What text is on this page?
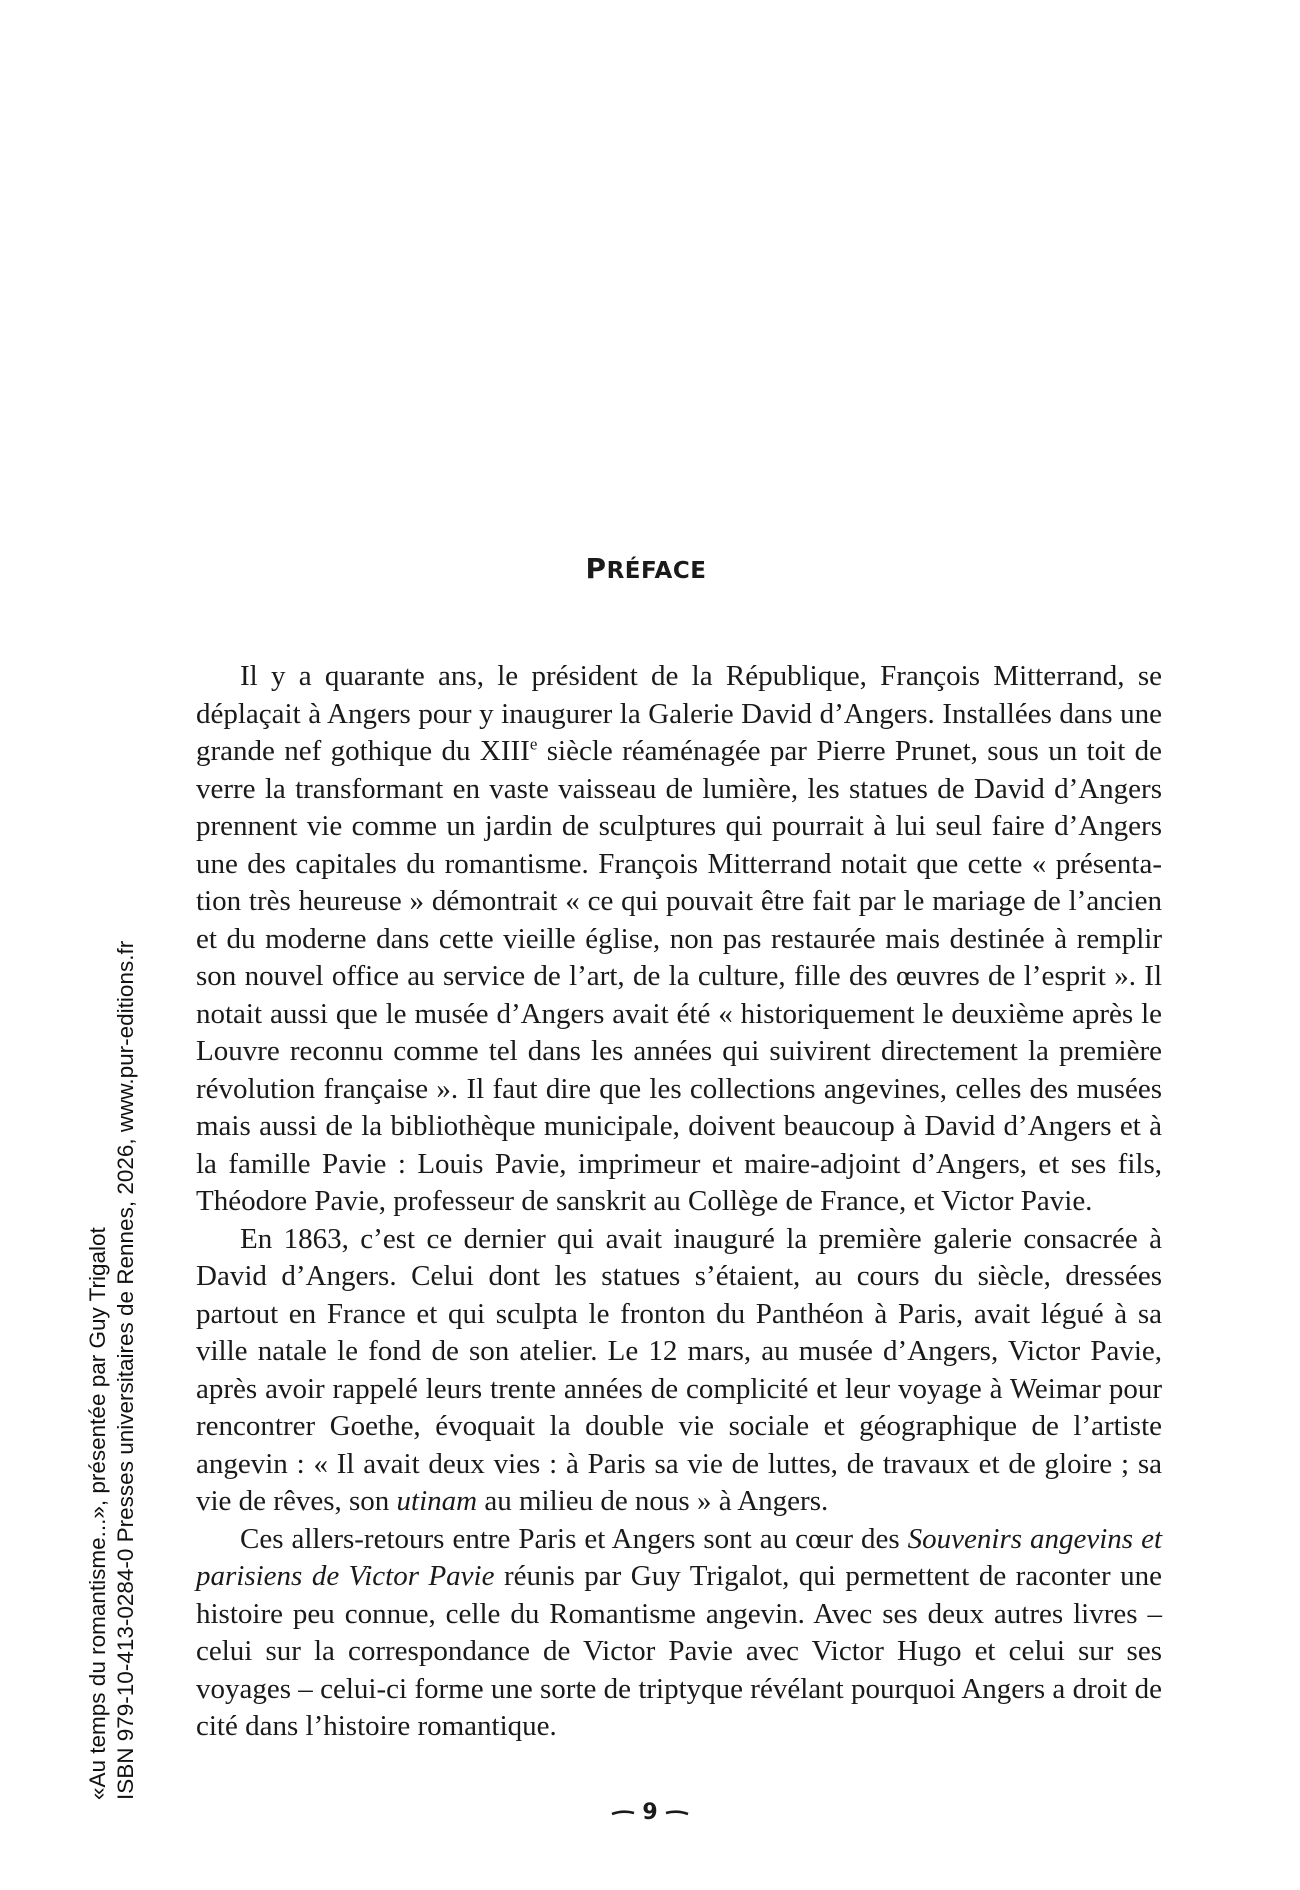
PRÉFACE

Il y a quarante ans, le président de la République, François Mitterrand, se déplaçait à Angers pour y inaugurer la Galerie David d’Angers. Installées dans une grande nef gothique du XIIIe siècle réaménagée par Pierre Prunet, sous un toit de verre la transformant en vaste vaisseau de lumière, les statues de David d’Angers prennent vie comme un jardin de sculptures qui pourrait à lui seul faire d’Angers une des capitales du romantisme. François Mitterrand notait que cette « présentation très heureuse » démontrait « ce qui pouvait être fait par le mariage de l’ancien et du moderne dans cette vieille église, non pas restaurée mais destinée à remplir son nouvel office au service de l’art, de la culture, fille des œuvres de l’esprit ». Il notait aussi que le musée d’Angers avait été « historiquement le deuxième après le Louvre reconnu comme tel dans les années qui suivirent directement la première révolution française ». Il faut dire que les collections angevines, celles des musées mais aussi de la bibliothèque municipale, doivent beaucoup à David d’Angers et à la famille Pavie : Louis Pavie, imprimeur et maire-adjoint d’Angers, et ses fils, Théodore Pavie, professeur de sanskrit au Collège de France, et Victor Pavie.

En 1863, c’est ce dernier qui avait inauguré la première galerie consacrée à David d’Angers. Celui dont les statues s’étaient, au cours du siècle, dressées partout en France et qui sculpta le fronton du Panthéon à Paris, avait légué à sa ville natale le fond de son atelier. Le 12 mars, au musée d’Angers, Victor Pavie, après avoir rappelé leurs trente années de complicité et leur voyage à Weimar pour rencontrer Goethe, évoquait la double vie sociale et géographique de l’artiste angevin : « Il avait deux vies : à Paris sa vie de luttes, de travaux et de gloire ; sa vie de rêves, son utinam au milieu de nous » à Angers.

Ces allers-retours entre Paris et Angers sont au cœur des Souvenirs angevins et parisiens de Victor Pavie réunis par Guy Trigalot, qui permettent de raconter une histoire peu connue, celle du Romantisme angevin. Avec ses deux autres livres – celui sur la correspondance de Victor Pavie avec Victor Hugo et celui sur ses voyages – celui-ci forme une sorte de triptyque révélant pourquoi Angers a droit de cité dans l’histoire romantique.

9
«Au temps du romantisme...», présentée par Guy Trigalot ISBN 979-10-413-0284-0 Presses universitaires de Rennes, 2026, www.pur-editions.fr
